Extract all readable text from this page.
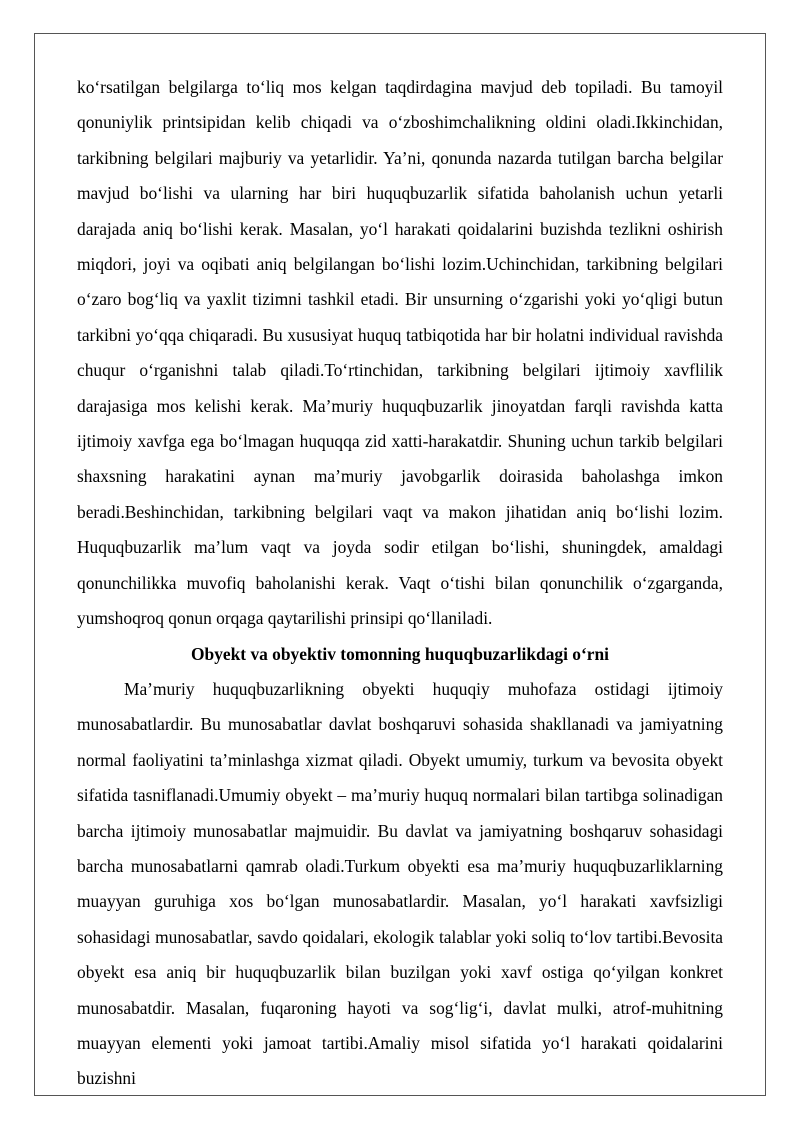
ko‘rsatilgan belgilarga to‘liq mos kelgan taqdirdagina mavjud deb topiladi. Bu tamoyil qonuniylik printsipidan kelib chiqadi va o‘zboshimchalikning oldini oladi.Ikkinchidan, tarkibning belgilari majburiy va yetarlidir. Ya’ni, qonunda nazarda tutilgan barcha belgilar mavjud bo‘lishi va ularning har biri huquqbuzarlik sifatida baholanish uchun yetarli darajada aniq bo‘lishi kerak. Masalan, yo‘l harakati qoidalarini buzishda tezlikni oshirish miqdori, joyi va oqibati aniq belgilangan bo‘lishi lozim.Uchinchidan, tarkibning belgilari o‘zaro bog‘liq va yaxlit tizimni tashkil etadi. Bir unsurning o‘zgarishi yoki yo‘qligi butun tarkibni yo‘qqa chiqaradi. Bu xususiyat huquq tatbiqotida har bir holatni individual ravishda chuqur o‘rganishni talab qiladi.To‘rtinchidan, tarkibning belgilari ijtimoiy xavflilik darajasiga mos kelishi kerak. Ma’muriy huquqbuzarlik jinoyatdan farqli ravishda katta ijtimoiy xavfga ega bo‘lmagan huquqqa zid xatti-harakatdir. Shuning uchun tarkib belgilari shaxsning harakatini aynan ma’muriy javobgarlik doirasida baholashga imkon beradi.Beshinchidan, tarkibning belgilari vaqt va makon jihatidan aniq bo‘lishi lozim. Huquqbuzarlik ma’lum vaqt va joyda sodir etilgan bo‘lishi, shuningdek, amaldagi qonunchilikka muvofiq baholanishi kerak. Vaqt o‘tishi bilan qonunchilik o‘zgarganda, yumshoqroq qonun orqaga qaytarilishi prinsipi qo‘llaniladi.

Obyekt va obyektiv tomonning huquqbuzarlikdagi o‘rni

Ma’muriy huquqbuzarlikning obyekti huquqiy muhofaza ostidagi ijtimoiy munosabatlardir. Bu munosabatlar davlat boshqaruvi sohasida shakllanadi va jamiyatning normal faoliyatini ta’minlashga xizmat qiladi. Obyekt umumiy, turkum va bevosita obyekt sifatida tasniflanadi.Umumiy obyekt – ma’muriy huquq normalari bilan tartibga solinadigan barcha ijtimoiy munosabatlar majmuidir. Bu davlat va jamiyatning boshqaruv sohasidagi barcha munosabatlarni qamrab oladi.Turkum obyekti esa ma’muriy huquqbuzarliklarning muayyan guruhiga xos bo‘lgan munosabatlardir. Masalan, yo‘l harakati xavfsizligi sohasidagi munosabatlar, savdo qoidalari, ekologik talablar yoki soliq to‘lov tartibi.Bevosita obyekt esa aniq bir huquqbuzarlik bilan buzilgan yoki xavf ostiga qo‘yilgan konkret munosabatdir. Masalan, fuqaroning hayoti va sog‘lig‘i, davlat mulki, atrof-muhitning muayyan elementi yoki jamoat tartibi.Amaliy misol sifatida yo‘l harakati qoidalarini buzishni
